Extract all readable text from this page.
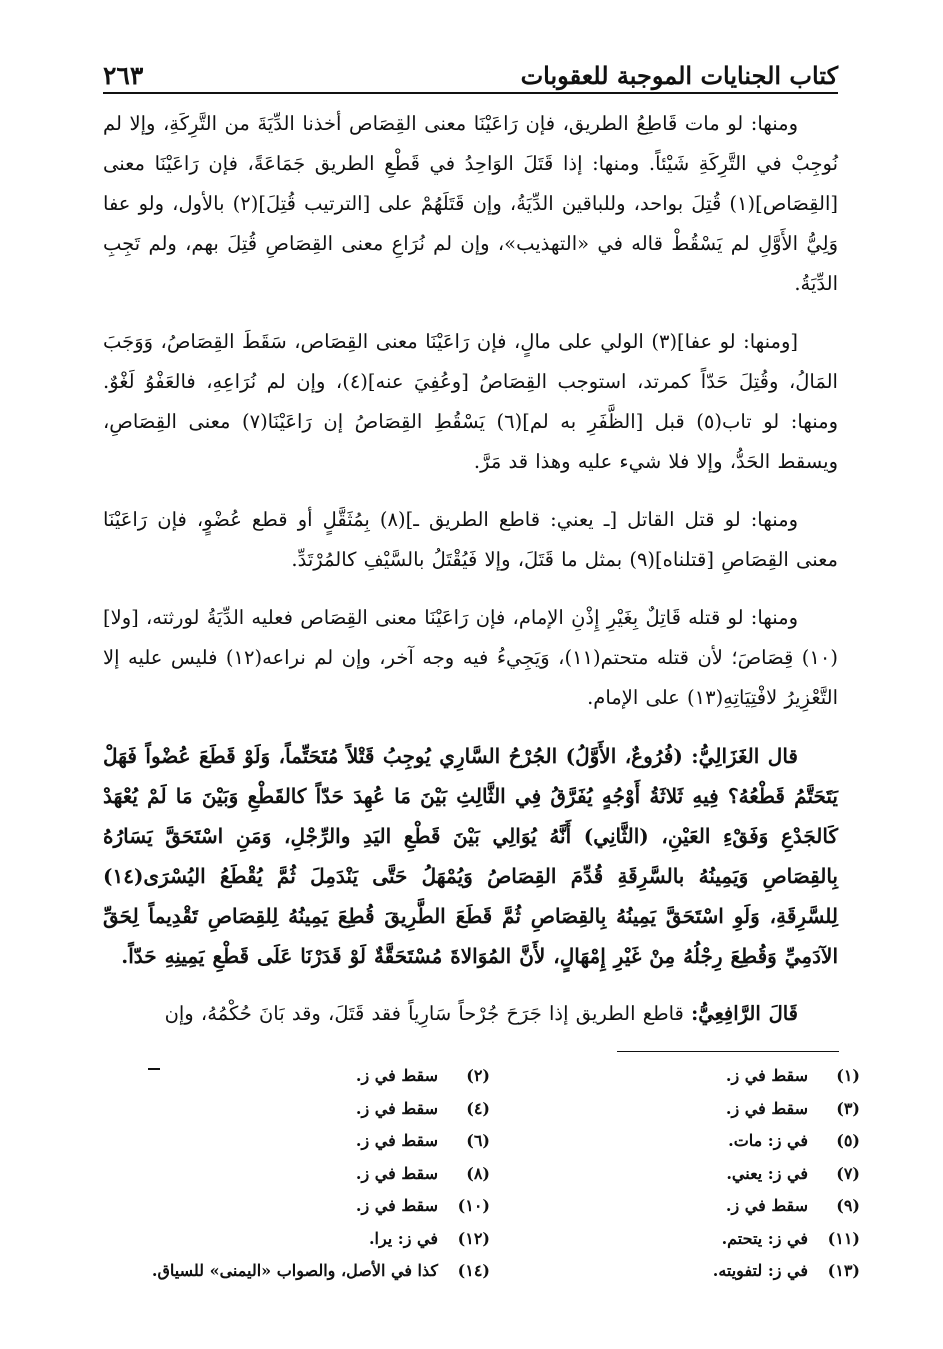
كتاب الجنايات الموجبة للعقوبات
٢٦٣

ومنها: لو مات قَاطِعُ الطريق، فإن رَاعَيْنَا معنى القِصَاص أخذنا الدِّيَةَ من التَّرِكَةِ، وإلا لم نُوجِبْ في التَّرِكَةِ شَيْئاً. ومنها: إذا قَتَلَ الوَاحِدُ في قَطْعِ الطريق جَمَاعَةً، فإن رَاعَيْنَا معنى [القِصَاص](١) قُتِلَ بواحد، وللباقين الدِّيَةُ، وإن قَتَلَهُمْ على [الترتيب قُتِلَ](٢) بالأول، ولو عفا وَلِيُّ الأَوَّلِ لم يَسْقُطْ قاله في «التهذيب»، وإن لم نُرَاعِ معنى القِصَاصِ قُتِلَ بهم، ولم تَجِبِ الدِّيَةُ.

[ومنها: لو عفا](٣) الولي على مالٍ، فإن رَاعَيْنَا معنى القِصَاص، سَقَطَ القِصَاصُ، وَوَجَبَ المَالُ، وقُتِلَ حَدّاً كمرتد، استوجب القِصَاصُ [وعُفِيَ عنه](٤)، وإن لم نُرَاعِهِ، فالعَفْوُ لَغْوٌ. ومنها: لو تاب(٥) قبل [الظَّفَرِ به لم](٦) يَسْقُطِ القِصَاصُ إن رَاعَيْنَا(٧) معنى القِصَاصِ، ويسقط الحَدُّ، وإلا فلا شيء عليه وهذا قد مَرَّ.

ومنها: لو قتل القاتل [ـ يعني: قاطع الطريق ـ](٨) بِمُثَقَّلٍ أو قطع عُضْوٍ، فإن رَاعَيْنَا معنى القِصَاصِ [قتلناه](٩) بمثل ما قَتَلَ، وإلا فَيُقْتَلُ بالسَّيْفِ كالمُرْتَدِّ.

ومنها: لو قتله قَاتِلٌ بِغَيْرِ إِذْنِ الإمام، فإن رَاعَيْنَا معنى القِصَاص فعليه الدِّيَةُ لورثته، [ولا](١٠) قِصَاصَ؛ لأن قتله متحتم(١١)، وَيَجِيءُ فيه وجه آخر، وإن لم نراعه(١٢) فليس عليه إلا التَّعْزِيرُ لافْتِيَاتِهِ(١٣) على الإمام.

قال الغَزَالِيُّ: (فُرُوعٌ، الأَوَّلُ) الجُرْحُ السَّارِي يُوجِبُ قَتْلاً مُتَحَتِّماً، وَلَوْ قَطَعَ عُضْواً فَهَلْ يَتَحَتَّمُ قَطْعُهُ؟ فِيهِ ثَلاثَةُ أَوْجُهٍ يُفَرَّقُ فِي الثَّالِثِ بَيْنَ مَا عُهِدَ حَدّاً كالقَطْعِ وَبَيْنَ مَا لَمْ يُعْهَدْ كَالجَدْعِ وَفَقْءِ العَيْنِ، (الثَّانِي) أَنَّهُ يُوَالِي بَيْنَ قَطْعِ اليَدِ والرِّجْلِ، وَمَنِ اسْتَحَقَّ يَسَارُهُ بِالقِصَاصِ وَيَمِينُهُ بالسَّرِقَةِ قُدِّمَ القِصَاصُ وَيُمْهَلُ حَتَّى يَنْدَمِلَ ثُمَّ يُقْطَعُ اليُسْرَى(١٤) لِلسَّرِقَةِ، وَلَوِ اسْتَحَقَّ يَمِينُهُ بِالقِصَاصِ ثُمَّ قَطَعَ الطَّرِيقَ قُطِعَ يَمِينُهُ لِلقِصَاصِ تَقْدِيماً لِحَقِّ الآدَمِيِّ وَقُطِعَ رِجْلُهُ مِنْ غَيْرِ إِمْهَالٍ، لأَنَّ المُوَالاةَ مُسْتَحَقَّةٌ لَوْ قَدَرْنَا عَلَى قَطْعِ يَمِينِهِ حَدّاً.

قَالَ الرَّافِعِيُّ: قاطع الطريق إذا جَرَحَ جُرْحاً سَارِياً فقد قَتَلَ، وقد بَانَ حُكْمُهُ، وإن

(١)سقط في ز.
(٢)سقط في ز.
(٣)سقط في ز.
(٤)سقط في ز.
(٥)في ز: مات.
(٦)سقط في ز.
(٧)في ز: يعني.
(٨)سقط في ز.
(٩)سقط في ز.
(١٠)سقط في ز.
(١١)في ز: يتحتم.
(١٢)في ز: يرا.
(١٣)في ز: لتفويته.
(١٤)كذا في الأصل، والصواب «اليمنى» للسياق.
